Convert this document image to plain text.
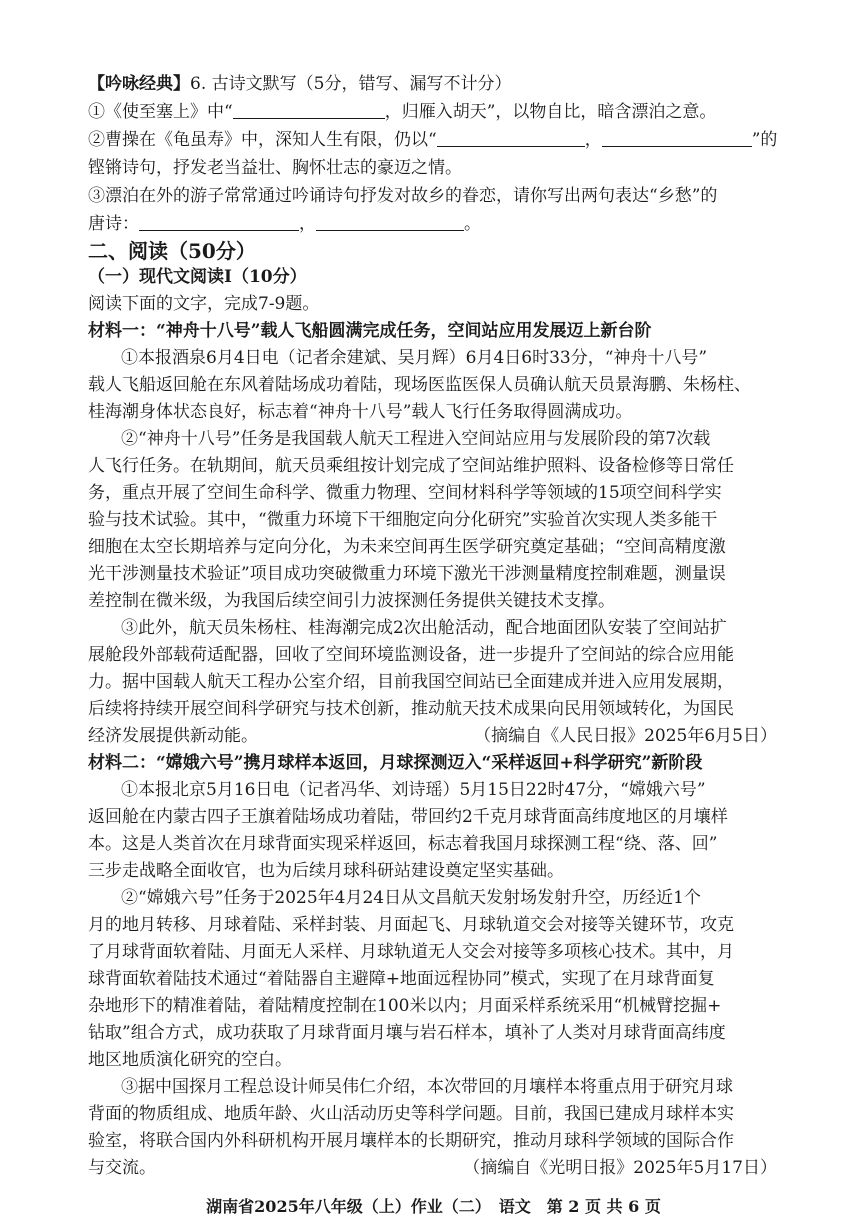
【吟咏经典】6. 古诗文默写（5分，错写、漏写不计分）
①《使至塞上》中“	，归雁入胡天”，以物自比，暗含漂泊之意。
②曹操在《龟虽寿》中，深知人生有限，仍以“	，	”的
铿锵诗句，抒发老当益壮、胸怀壮志的豪迈之情。
③漂泊在外的游子常常通过吟诵诗句抒发对故乡的眷恋，请你写出两句表达“乡愁”的
唐诗：	，	。
二、阅读（50分）
（一）现代文阅读Ⅰ（10分）
阅读下面的文字，完成7-9题。
材料一：“神舟十八号”载人飞船圆满完成任务，空间站应用发展迈上新台阶
①本报酒泉6月4日电（记者余建斌、吴月辉）6月4日6时33分，“神舟十八号”
载人飞船返回舱在东风着陆场成功着陆，现场医监医保人员确认航天员景海鹏、朱杨柱、
桂海潮身体状态良好，标志着“神舟十八号”载人飞行任务取得圆满成功。
②“神舟十八号”任务是我国载人航天工程进入空间站应用与发展阶段的第7次载
人飞行任务。在轨期间，航天员乘组按计划完成了空间站维护照料、设备检修等日常任
务，重点开展了空间生命科学、微重力物理、空间材料科学等领域的15项空间科学实
验与技术试验。其中，“微重力环境下干细胞定向分化研究”实验首次实现人类多能干
细胞在太空长期培养与定向分化，为未来空间再生医学研究奠定基础；“空间高精度激
光干涉测量技术验证”项目成功突破微重力环境下激光干涉测量精度控制难题，测量误
差控制在微米级，为我国后续空间引力波探测任务提供关键技术支撑。
③此外，航天员朱杨柱、桂海潮完成2次出舱活动，配合地面团队安装了空间站扩
展舱段外部载荷适配器，回收了空间环境监测设备，进一步提升了空间站的综合应用能
力。据中国载人航天工程办公室介绍，目前我国空间站已全面建成并进入应用发展期，
后续将持续开展空间科学研究与技术创新，推动航天技术成果向民用领域转化，为国民
经济发展提供新动能。	（摘编自《人民日报》2025年6月5日）
材料二：“嫦娥六号”携月球样本返回，月球探测迈入“采样返回+科学研究”新阶段
①本报北京5月16日电（记者冯华、刘诗瑶）5月15日22时47分，“嫦娥六号”
返回舱在内蒙古四子王旗着陆场成功着陆，带回约2千克月球背面高纬度地区的月壤样
本。这是人类首次在月球背面实现采样返回，标志着我国月球探测工程“绕、落、回”
三步走战略全面收官，也为后续月球科研站建设奠定坚实基础。
②“嫦娥六号”任务于2025年4月24日从文昌航天发射场发射升空，历经近1个
月的地月转移、月球着陆、采样封装、月面起飞、月球轨道交会对接等关键环节，攻克
了月球背面软着陆、月面无人采样、月球轨道无人交会对接等多项核心技术。其中，月
球背面软着陆技术通过“着陆器自主避障+地面远程协同”模式，实现了在月球背面复
杂地形下的精准着陆，着陆精度控制在100米以内；月面采样系统采用“机械臂挖掘+
钻取”组合方式，成功获取了月球背面月壤与岩石样本，填补了人类对月球背面高纬度
地区地质演化研究的空白。
③据中国探月工程总设计师吴伟仁介绍，本次带回的月壤样本将重点用于研究月球
背面的物质组成、地质年龄、火山活动历史等科学问题。目前，我国已建成月球样本实
验室，将联合国内外科研机构开展月壤样本的长期研究，推动月球科学领域的国际合作
与交流。	（摘编自《光明日报》2025年5月17日）
湖南省2025年八年级（上）作业（二）　语文　第 2 页 共 6 页
